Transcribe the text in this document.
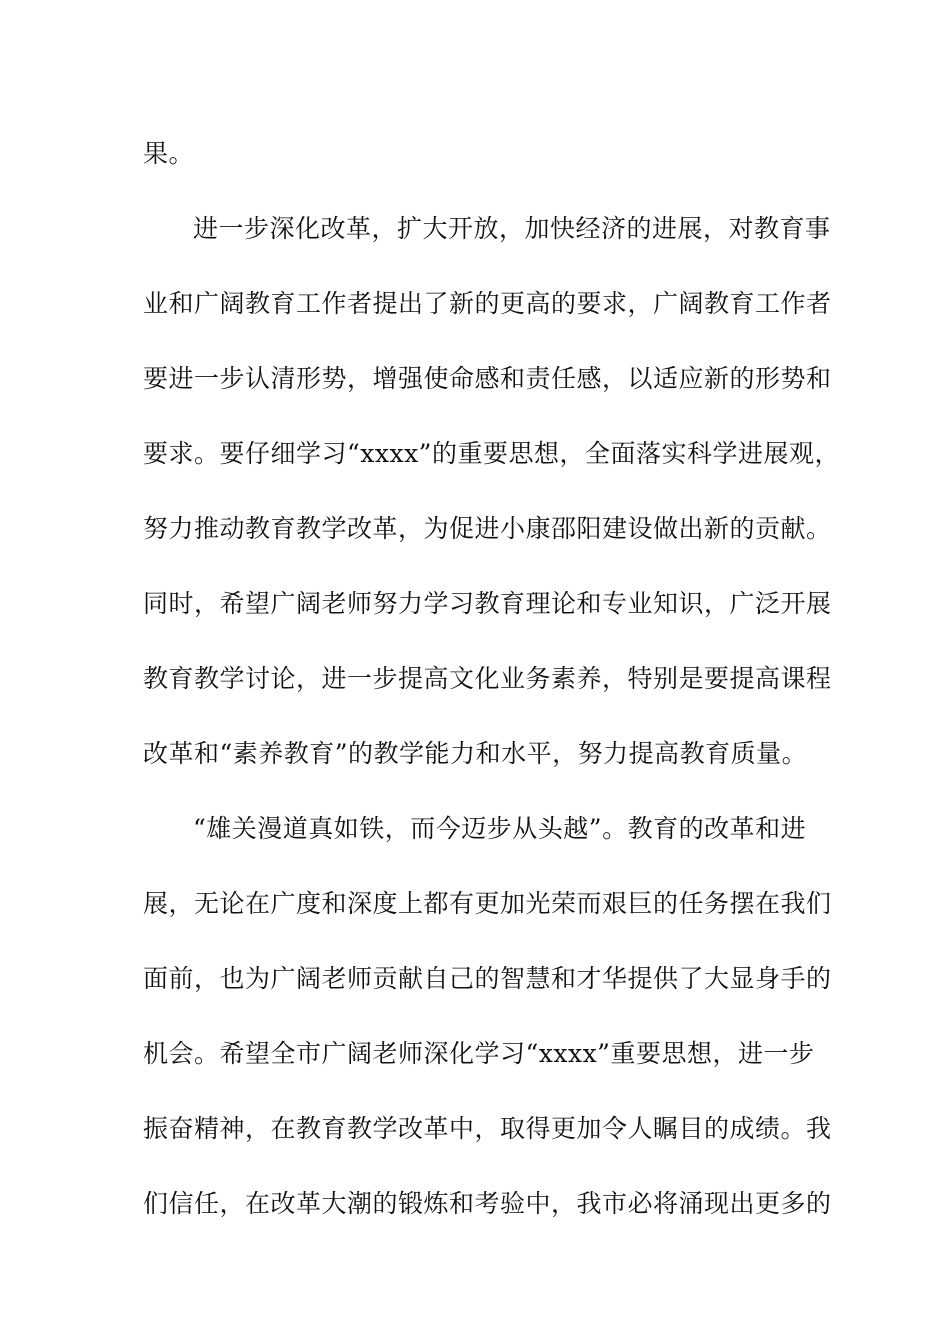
果。
进一步深化改革，扩大开放，加快经济的进展，对教育事
业和广阔教育工作者提出了新的更高的要求，广阔教育工作者
要进一步认清形势，增强使命感和责任感，以适应新的形势和
要求。要仔细学习“xxxx”的重要思想，全面落实科学进展观，
努力推动教育教学改革，为促进小康邵阳建设做出新的贡献。
同时，希望广阔老师努力学习教育理论和专业知识，广泛开展
教育教学讨论，进一步提高文化业务素养，特别是要提高课程
改革和“素养教育”的教学能力和水平，努力提高教育质量。
“雄关漫道真如铁，而今迈步从头越”。教育的改革和进
展，无论在广度和深度上都有更加光荣而艰巨的任务摆在我们
面前，也为广阔老师贡献自己的智慧和才华提供了大显身手的
机会。希望全市广阔老师深化学习“xxxx”重要思想，进一步
振奋精神，在教育教学改革中，取得更加令人瞩目的成绩。我
们信任，在改革大潮的锻炼和考验中，我市必将涌现出更多的
